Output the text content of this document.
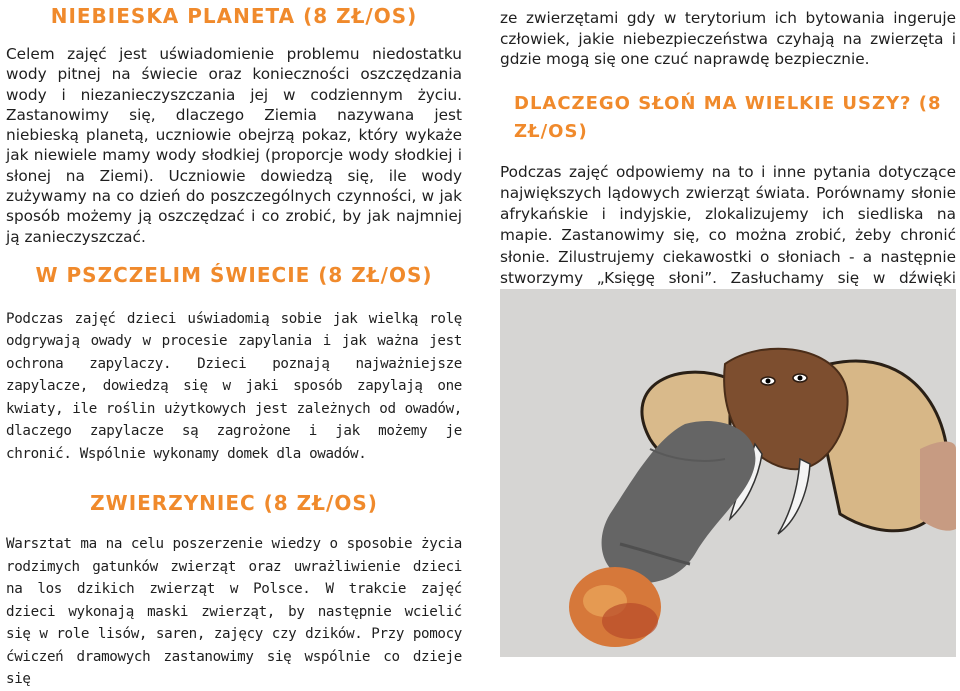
NIEBIESKA PLANETA (8 ZŁ/OS)

Celem zajęć jest uświadomienie problemu niedostatku wody pitnej na świecie oraz konieczności oszczędzania wody i niezanieczyszczania jej w codziennym życiu. Zastanowimy się, dlaczego Ziemia nazywana jest niebieską planetą, uczniowie obejrzą pokaz, który wykaże jak niewiele mamy wody słodkiej (proporcje wody słodkiej i słonej na Ziemi). Uczniowie dowiedzą się, ile wody zużywamy na co dzień do poszczególnych czynności, w jak sposób możemy ją oszczędzać i co zrobić, by jak najmniej ją zanieczyszczać.

W PSZCZELIM ŚWIECIE (8 ZŁ/OS)

Podczas zajęć dzieci uświadomią sobie jak wielką rolę odgrywają owady w procesie zapylania i jak ważna jest ochrona zapylaczy. Dzieci poznają najważniejsze zapylacze, dowiedzą się w jaki sposób zapylają one kwiaty, ile roślin użytkowych jest zależnych od owadów, dlaczego zapylacze są zagrożone i jak możemy je chronić. Wspólnie wykonamy domek dla owadów.

ZWIERZYNIEC (8 ZŁ/OS)

Warsztat ma na celu poszerzenie wiedzy o sposobie życia rodzimych gatunków zwierząt oraz uwrażliwienie dzieci na los dzikich zwierząt w Polsce. W trakcie zajęć dzieci wykonają maski zwierząt, by następnie wcielić się w role lisów, saren, zajęcy czy dzików. Przy pomocy ćwiczeń dramowych zastanowimy się wspólnie co dzieje się

ze zwierzętami gdy w terytorium ich bytowania ingeruje człowiek, jakie niebezpieczeństwa czyhają na zwierzęta i gdzie mogą się one czuć naprawdę bezpiecznie.

DLACZEGO SŁOŃ MA WIELKIE USZY? (8 ZŁ/OS)

Podczas zajęć odpowiemy na to i inne pytania dotyczące największych lądowych zwierząt świata. Porównamy słonie afrykańskie i indyjskie, zlokalizujemy ich siedliska na mapie. Zastanowimy się, co można zrobić, żeby chronić słonie. Zilustrujemy ciekawostki o słoniach - a następnie stworzymy „Księgę słoni”. Zasłuchamy się w dźwięki
